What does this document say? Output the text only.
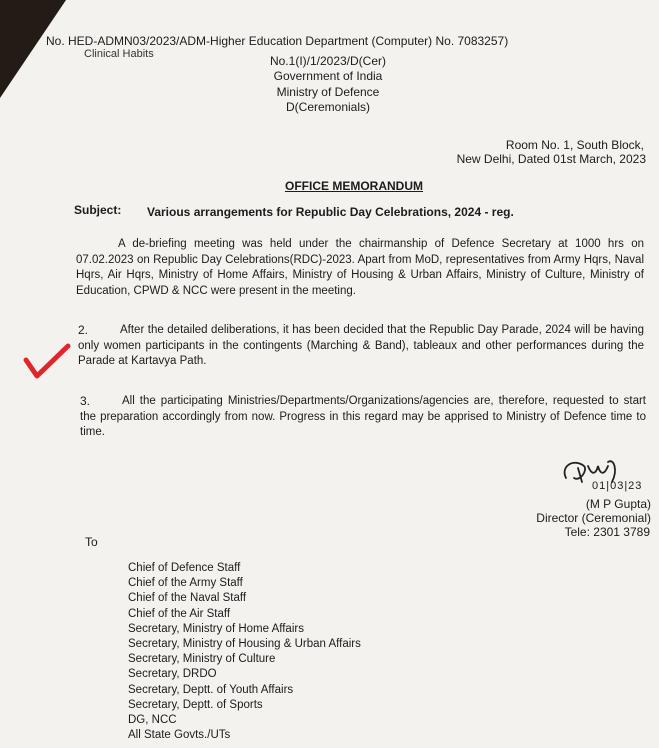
No. HED-ADMN03/2023/ADM-Higher Education Department (Computer) No. 7083257)
Clinical Habits	No.1(I)/1/2023/D(Cer)
Government of India
Ministry of Defence
D(Ceremonials)
Room No. 1, South Block,
New Delhi, Dated 01st March, 2023
OFFICE MEMORANDUM
Subject: Various arrangements for Republic Day Celebrations, 2024 - reg.
A de-briefing meeting was held under the chairmanship of Defence Secretary at 1000 hrs on 07.02.2023 on Republic Day Celebrations(RDC)-2023. Apart from MoD, representatives from Army Hqrs, Naval Hqrs, Air Hqrs, Ministry of Home Affairs, Ministry of Housing & Urban Affairs, Ministry of Culture, Ministry of Education, CPWD & NCC were present in the meeting.
2.	After the detailed deliberations, it has been decided that the Republic Day Parade, 2024 will be having only women participants in the contingents (Marching & Band), tableaux and other performances during the Parade at Kartavya Path.
3.	All the participating Ministries/Departments/Organizations/agencies are, therefore, requested to start the preparation accordingly from now. Progress in this regard may be apprised to Ministry of Defence time to time.
01|03|23
(M P Gupta)
Director (Ceremonial)
Tele: 2301 3789
To
Chief of Defence Staff
Chief of the Army Staff
Chief of the Naval Staff
Chief of the Air Staff
Secretary, Ministry of Home Affairs
Secretary, Ministry of Housing & Urban Affairs
Secretary, Ministry of Culture
Secretary, DRDO
Secretary, Deptt. of Youth Affairs
Secretary, Deptt. of Sports
DG, NCC
All State Govts./UTs
